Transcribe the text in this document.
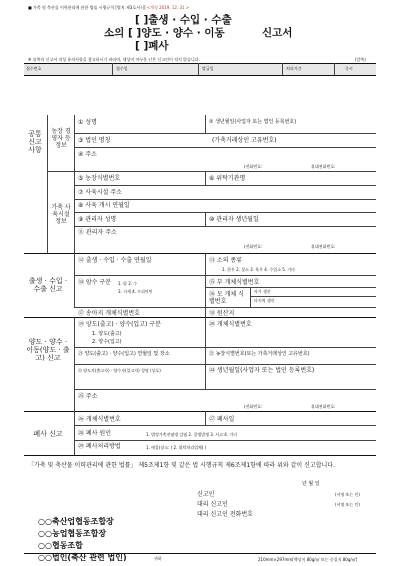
■ 가축 및 축산물 이력관리에 관한 법률 시행규칙 [별지 제3호서식] <개정 2019. 12. 31.>
[ ]출생 · 수입 · 수출
소의 [ ]양도 · 양수 · 이동	신고서
[ ]폐사
※ 뒤쪽의 신고서 작성 유의사항을 참고하시기 바라며, 색상이 어두운 난은 신고인이 적지 않습니다.	(앞쪽)
접수번호	접수일	발급일	처리기간	즉시
공통 신고 사항
농장 경영자 등 정보
가축 사육시설 정보
① 성명	② 생년월일(사업자 또는 법인 등록번호)
③ 법인 명칭	(가축거래상인 고유번호)
④ 주소
(전화번호:	휴대전화번호:
⑤ 농장식별번호	⑥ 위탁기관명
⑦ 사육시설 주소
⑧ 사육 개시 연월일
⑨ 관리자 성명	⑩ 관리자 생년월일
⑪ 관리자 주소
(전화번호:	휴대전화번호:
출생 · 수입 · 수출 신고
⑫ 출생 · 수입 · 수출 연월일	⑬ 소의 종류
1. 한우 2. 젖소 3. 육우 4. 수입소 5. 기타
⑭ 암수 구분 1. 암 2. 수
3. 거세 4. 프리마틴
⑮ 부 개체식별번호
⑯ 모 개체 식별번호
자가 생산
타지역 생산
⑰ 송아지 개체식별번호	⑱ 원산지
양도 · 양수 · 이동(양도 · 출고) 신고
⑲ 양도(출고) · 양수(입고) 구분
1. 양도(출고)
2. 양수(입고)
⑳ 개체식별번호
㉑ 양도(출고) · 양수(입고) 연월일 및 장소	㉒ 농장식별번호(또는 가축거래상인 고유번호)
㉓ 양도자(출고자) · 양수자(입고자) 성명 (상호)	㉔ 생년월일(사업자 또는 법인 등록번호)
㉕ 주소
(전화번호:	휴대전화번호:
폐사 신고
㉖ 개체식별번호	㉗ 폐사일
㉘ 폐사 원인	1. 법정가축전염병 감염 2. 질병발생 3. 사고 4. 기타
㉙ 폐사처리방법	1. 매몰(장소: ) 2. 위탁처리업체( )
「가축 및 축산물 이력관리에 관한 법률」 제5조제1항 및 같은 법 시행규칙 제6조제1항에 따라 위와 같이 신고합니다.
년 월 일
신고인	(서명 또는 인)
대리 신고인	(서명 또는 인)
대리 신고인 전화번호
○○축산업협동조합장
○○농업협동조합장
○○협동조합
○○법인(축산 관련 법인)	귀하	210mm×297mm[백상지 80g/㎡ 또는 중질지 80g/㎡]
